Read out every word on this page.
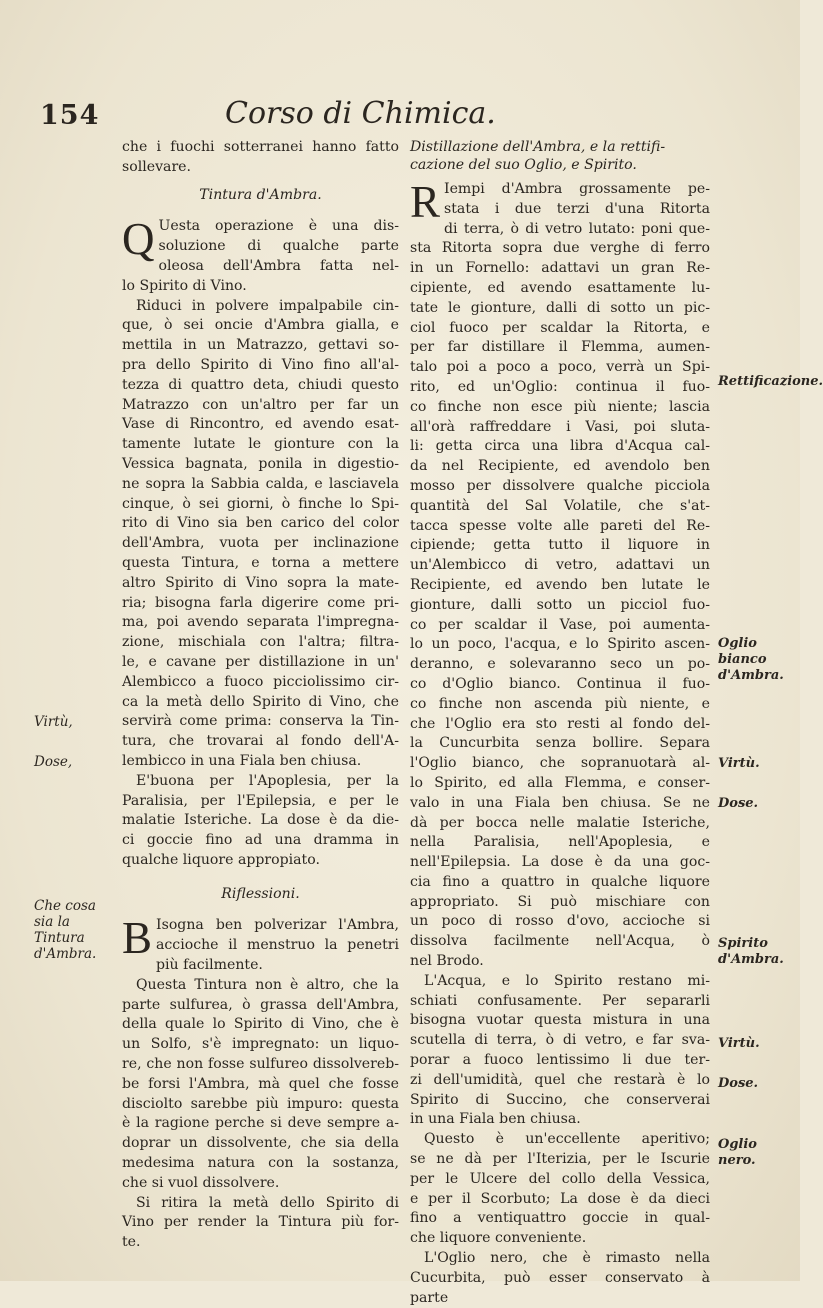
154	Corso di Chimica.

che i fuochi sotterranei hanno fatto

sollevare.

Tintura d'Ambra.
Q Uesta operazione è una dis-

soluzione di qualche parte

oleosa dell'Ambra fatta nel-

lo Spirito di Vino.

Riduci in polvere impalpabile cin-

que, ò sei oncie d'Ambra gialla, e

mettila in un Matrazzo, gettavi so-

pra dello Spirito di Vino fino all'al-

tezza di quattro deta, chiudi questo

Matrazzo con un'altro per far un

Vase di Rincontro, ed avendo esat-

tamente lutate le gionture con la

Vessica bagnata, ponila in digestio-

ne sopra la Sabbia calda, e lasciavela

cinque, ò sei giorni, ò finche lo Spi-

rito di Vino sia ben carico del color

dell'Ambra, vuota per inclinazione

questa Tintura, e torna a mettere

altro Spirito di Vino sopra la mate-

ria; bisogna farla digerire come pri-

ma, poi avendo separata l'impregna-

zione, mischiala con l'altra; filtra-

le, e cavane per distillazione in un'

Alembicco a fuoco picciolissimo cir-

ca la metà dello Spirito di Vino, che

servirà come prima: conserva la Tin-

tura, che trovarai al fondo dell'A-

lembicco in una Fiala ben chiusa.

E'buona per l'Apoplesia, per la

Paralisia, per l'Epilepsia, e per le

malatie Isteriche. La dose è da die-

ci goccie fino ad una dramma in

qualche liquore appropiato.

Riflessioni.
B Isogna ben polverizar l'Ambra,

accioche il menstruo la penetri

più facilmente.

Questa Tintura non è altro, che la

parte sulfurea, ò grassa dell'Ambra,

della quale lo Spirito di Vino, che è

un Solfo, s'è impregnato: un liquo-

re, che non fosse sulfureo dissolvereb-

be forsi l'Ambra, mà quel che fosse

disciolto sarebbe più impuro: questa

è la ragione perche si deve sempre a-

doprar un dissolvente, che sia della

medesima natura con la sostanza,

che si vuol dissolvere.

Si ritira la metà dello Spirito di

Vino per render la Tintura più for-

te.

Distillazione dell'Ambra, e la rettifi-

cazione del suo Oglio, e Spirito.

R Iempi d'Ambra grossamente pe-

stata i due terzi d'una Ritorta

di terra, ò di vetro lutato: poni que-

sta Ritorta sopra due verghe di ferro

in un Fornello: adattavi un gran Re-

cipiente, ed avendo esattamente lu-

tate le gionture, dalli di sotto un pic-

ciol fuoco per scaldar la Ritorta, e

per far distillare il Flemma, aumen-

talo poi a poco a poco, verrà un Spi-

rito, ed un'Oglio: continua il fuo-

co finche non esce più niente; lascia

all'orà raffreddare i Vasi, poi sluta-

li: getta circa una libra d'Acqua cal-

da nel Recipiente, ed avendolo ben

mosso per dissolvere qualche picciola

quantità del Sal Volatile, che s'at-

tacca spesse volte alle pareti del Re-

cipiende; getta tutto il liquore in

un'Alembicco di vetro, adattavi un

Recipiente, ed avendo ben lutate le

gionture, dalli sotto un picciol fuo-

co per scaldar il Vase, poi aumenta-

lo un poco, l'acqua, e lo Spirito ascen-

deranno, e solevaranno seco un po-

co d'Oglio bianco. Continua il fuo-

co finche non ascenda più niente, e

che l'Oglio era sto resti al fondo del-

la Cuncurbita senza bollire. Separa

l'Oglio bianco, che sopranuotarà al-

lo Spirito, ed alla Flemma, e conser-

valo in una Fiala ben chiusa. Se ne

dà per bocca nelle malatie Isteriche,

nella Paralisia, nell'Apoplesia, e

nell'Epilepsia. La dose è da una goc-

cia fino a quattro in qualche liquore

appropriato. Si può mischiare con

un poco di rosso d'ovo, accioche si

dissolva facilmente nell'Acqua, ò

nel Brodo.

L'Acqua, e lo Spirito restano mi-

schiati confusamente. Per separarli

bisogna vuotar questa mistura in una

scutella di terra, ò di vetro, e far sva-

porar a fuoco lentissimo li due ter-

zi dell'umidità, quel che restarà è lo

Spirito di Succino, che conserverai

in una Fiala ben chiusa.

Questo è un'eccellente aperitivo;

se ne dà per l'Iterizia, per le Iscurie

per le Ulcere del collo della Vessica,

e per il Scorbuto; La dose è da dieci

fino a ventiquattro goccie in qual-

che liquore conveniente.

L'Oglio nero, che è rimasto nella

Cucurbita, può esser conservato à

parte

Virtù,
Dose,
Che cosa sia la Tintura d'Ambra.
Rettificazione.
Oglio bianco d'Ambra.
Virtù.
Dose.
Spirito d'Ambra.
Virtù.
Dose.
Oglio nero.
